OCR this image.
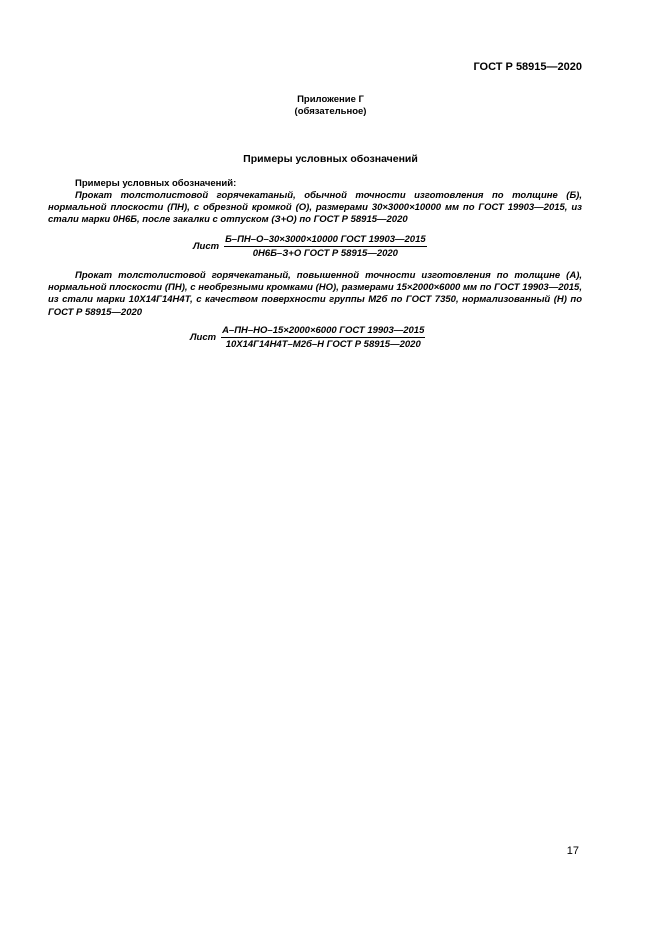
ГОСТ Р 58915—2020
Приложение Г
(обязательное)
Примеры условных обозначений
Примеры условных обозначений:
Прокат толстолистовой горячекатаный, обычной точности изготовления по толщине (Б), нормальной плоскости (ПН), с обрезной кромкой (О), размерами 30×3000×10000 мм по ГОСТ 19903—2015, из стали марки 0Н6Б, после закалки с отпуском (З+О) по ГОСТ Р 58915—2020
Лист $\frac{\text{Б–ПН–О–30×3000×10000 ГОСТ 19903—2015}}{\text{0Н6Б–З+О ГОСТ Р 58915—2020}}$
Прокат толстолистовой горячекатаный, повышенной точности изготовления по толщине (А), нормальной плоскости (ПН), с необрезными кромками (НО), размерами 15×2000×6000 мм по ГОСТ 19903—2015, из стали марки 10Х14Г14Н4Т, с качеством поверхности группы М2б по ГОСТ 7350, нормализованный (Н) по ГОСТ Р 58915—2020
Лист $\frac{\text{А–ПН–НО–15×2000×6000 ГОСТ 19903—2015}}{\text{10Х14Г14Н4Т–М2б–Н ГОСТ Р 58915—2020}}$
17
